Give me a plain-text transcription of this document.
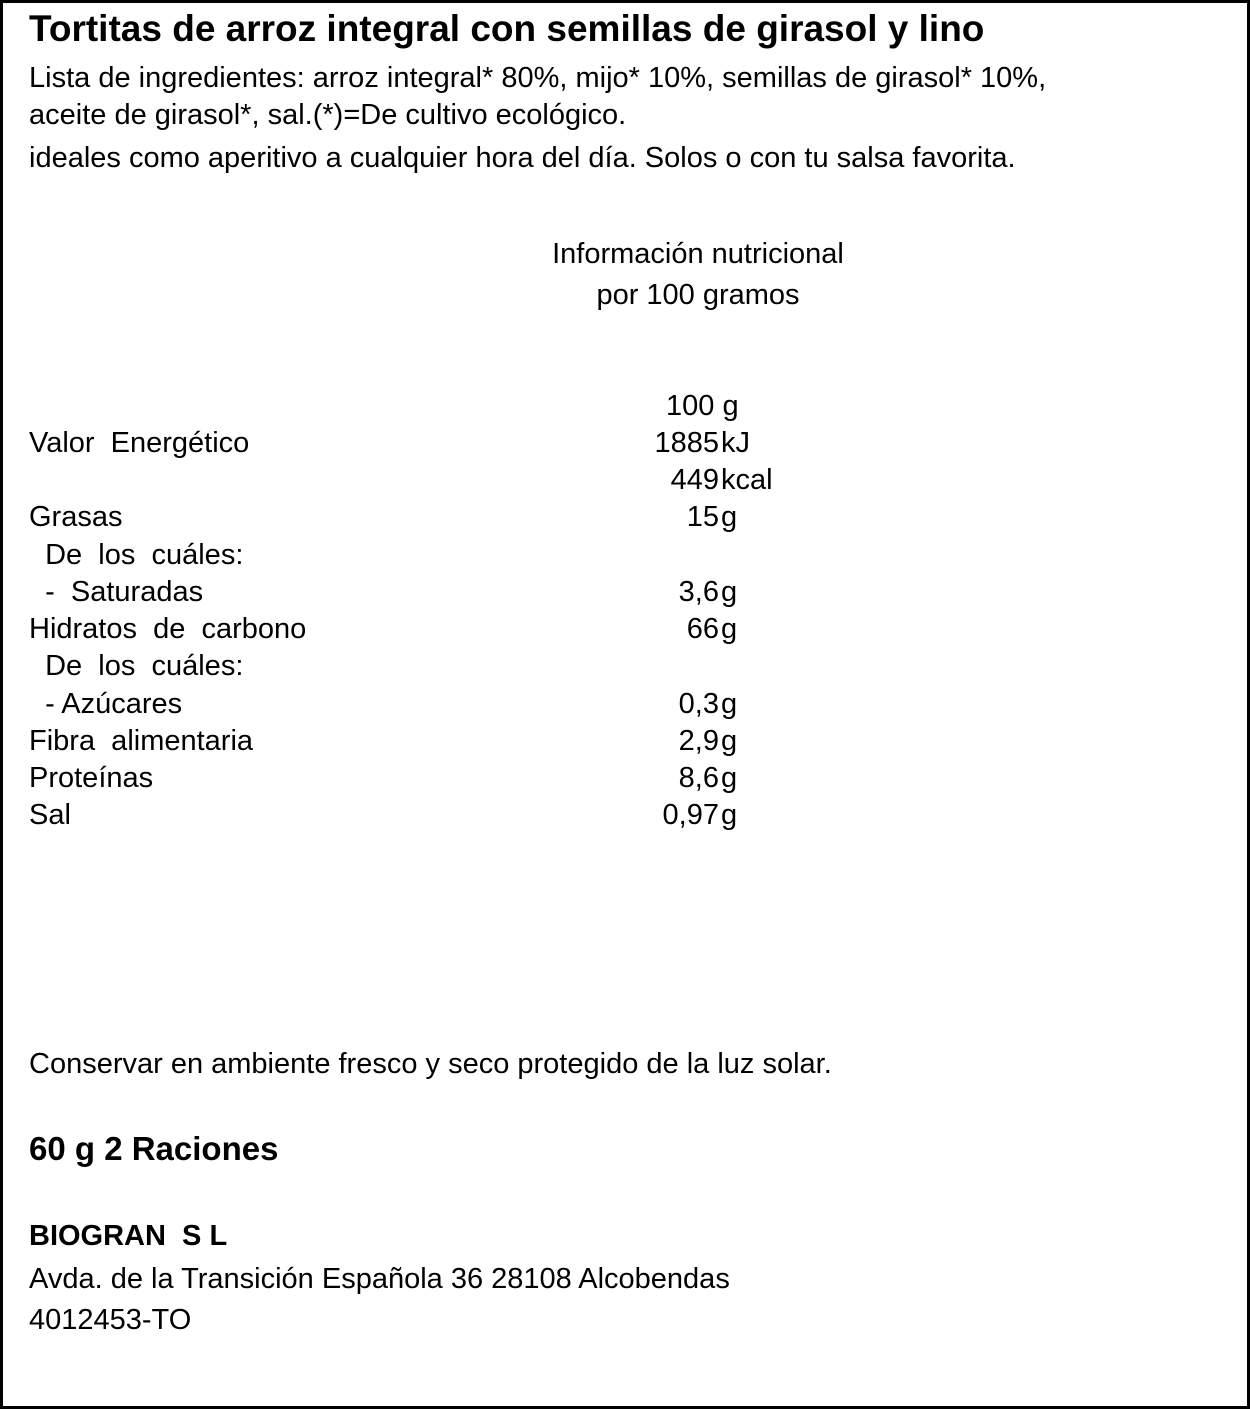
Tortitas de arroz integral con semillas de girasol y lino
Lista de ingredientes: arroz integral* 80%, mijo* 10%, semillas de girasol* 10%,
aceite de girasol*, sal.(*)=De cultivo ecológico.
ideales como aperitivo a cualquier hora del día. Solos o con tu salsa favorita.
Información nutricional
por 100 gramos
100 g
Valor  Energético	1885 kJ
449 kcal
Grasas	15 g
De  los  cuáles:
-  Saturadas	3,6 g
Hidratos  de  carbono	66 g
De  los  cuáles:
- Azúcares	0,3 g
Fibra  alimentaria	2,9 g
Proteínas	8,6 g
Sal	0,97 g
Conservar en ambiente fresco y seco protegido de la luz solar.
60 g 2 Raciones
BIOGRAN  S L
Avda. de la Transición Española 36 28108 Alcobendas
4012453-TO
